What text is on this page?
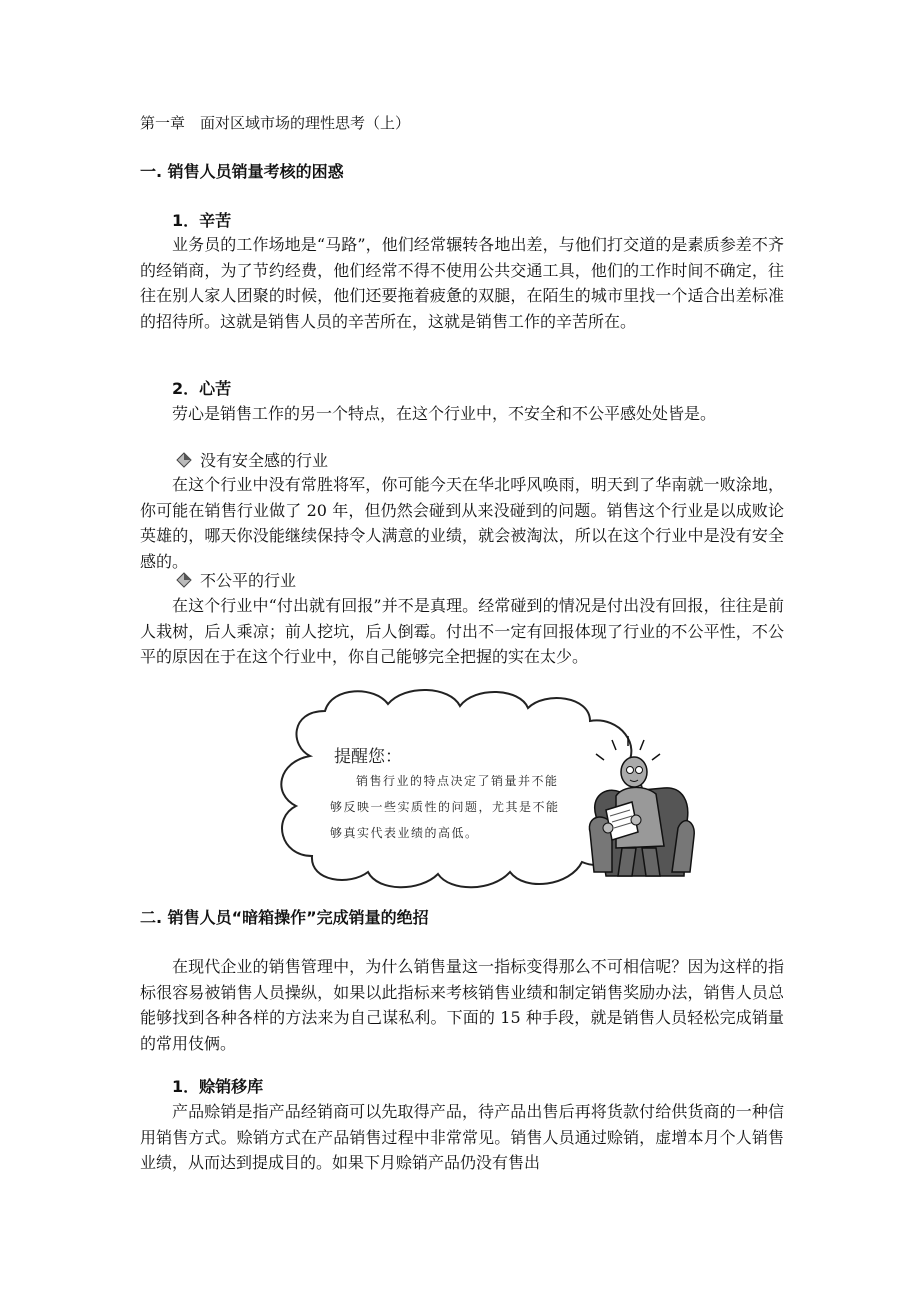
第一章　面对区域市场的理性思考（上）
一. 销售人员销量考核的困惑
1．辛苦
业务员的工作场地是“马路”，他们经常辗转各地出差，与他们打交道的是素质参差不齐的经销商，为了节约经费，他们经常不得不使用公共交通工具，他们的工作时间不确定，往往在别人家人团聚的时候，他们还要拖着疲惫的双腿，在陌生的城市里找一个适合出差标准的招待所。这就是销售人员的辛苦所在，这就是销售工作的辛苦所在。
2．心苦
劳心是销售工作的另一个特点，在这个行业中，不安全和不公平感处处皆是。
没有安全感的行业
在这个行业中没有常胜将军，你可能今天在华北呼风唤雨，明天到了华南就一败涂地，你可能在销售行业做了 20 年，但仍然会碰到从来没碰到的问题。销售这个行业是以成败论英雄的，哪天你没能继续保持令人满意的业绩，就会被淘汰，所以在这个行业中是没有安全感的。
不公平的行业
在这个行业中“付出就有回报”并不是真理。经常碰到的情况是付出没有回报，往往是前人栽树，后人乘凉；前人挖坑，后人倒霉。付出不一定有回报体现了行业的不公平性，不公平的原因在于在这个行业中，你自己能够完全把握的实在太少。
提醒您：
销售行业的特点决定了销量并不能
够反映一些实质性的问题，尤其是不能
够真实代表业绩的高低。
二. 销售人员“暗箱操作”完成销量的绝招
在现代企业的销售管理中，为什么销售量这一指标变得那么不可相信呢？因为这样的指标很容易被销售人员操纵，如果以此指标来考核销售业绩和制定销售奖励办法，销售人员总能够找到各种各样的方法来为自己谋私利。下面的 15 种手段，就是销售人员轻松完成销量的常用伎俩。
1．赊销移库
产品赊销是指产品经销商可以先取得产品，待产品出售后再将货款付给供货商的一种信用销售方式。赊销方式在产品销售过程中非常常见。销售人员通过赊销，虚增本月个人销售业绩，从而达到提成目的。如果下月赊销产品仍没有售出
